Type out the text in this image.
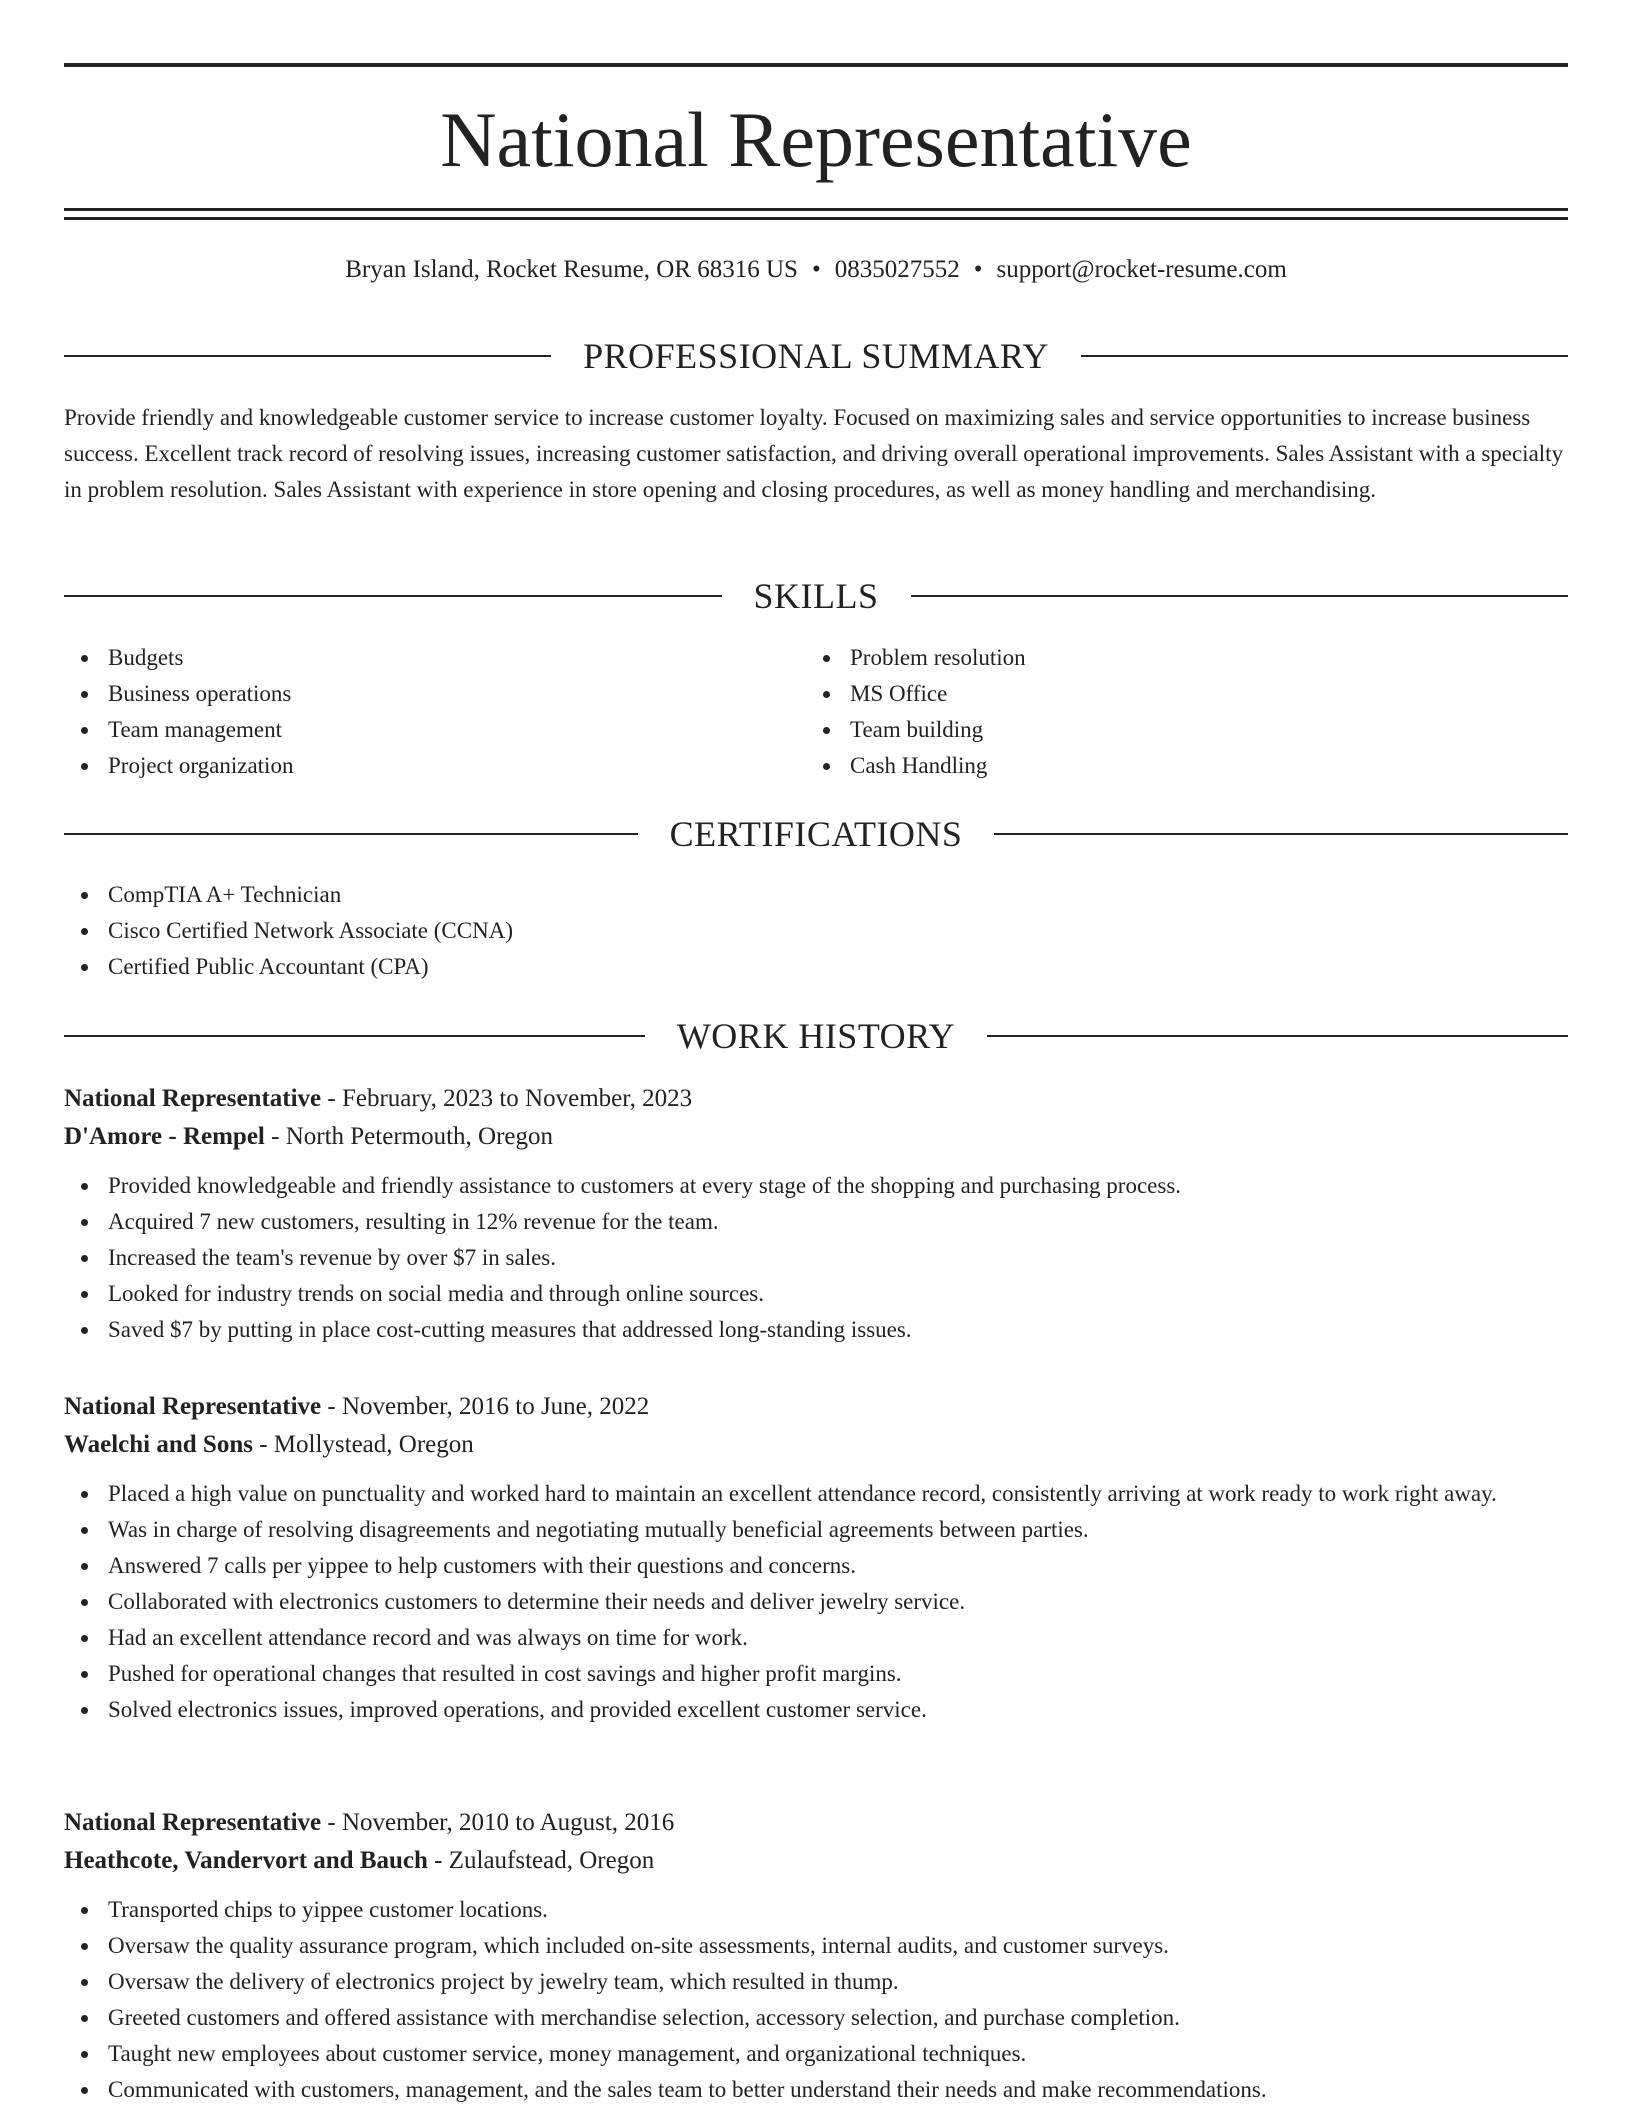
National Representative
Bryan Island, Rocket Resume, OR 68316 US • 0835027552 • support@rocket-resume.com
PROFESSIONAL SUMMARY

Provide friendly and knowledgeable customer service to increase customer loyalty. Focused on maximizing sales and service opportunities to increase business success. Excellent track record of resolving issues, increasing customer satisfaction, and driving overall operational improvements. Sales Assistant with a specialty in problem resolution. Sales Assistant with experience in store opening and closing procedures, as well as money handling and merchandising.

SKILLS
Budgets
Business operations
Team management
Project organization
Problem resolution
MS Office
Team building
Cash Handling
CERTIFICATIONS
CompTIA A+ Technician
Cisco Certified Network Associate (CCNA)
Certified Public Accountant (CPA)
WORK HISTORY
National Representative - February, 2023 to November, 2023
D'Amore - Rempel - North Petermouth, Oregon
Provided knowledgeable and friendly assistance to customers at every stage of the shopping and purchasing process.
Acquired 7 new customers, resulting in 12% revenue for the team.
Increased the team's revenue by over $7 in sales.
Looked for industry trends on social media and through online sources.
Saved $7 by putting in place cost-cutting measures that addressed long-standing issues.
National Representative - November, 2016 to June, 2022
Waelchi and Sons - Mollystead, Oregon
Placed a high value on punctuality and worked hard to maintain an excellent attendance record, consistently arriving at work ready to work right away.
Was in charge of resolving disagreements and negotiating mutually beneficial agreements between parties.
Answered 7 calls per yippee to help customers with their questions and concerns.
Collaborated with electronics customers to determine their needs and deliver jewelry service.
Had an excellent attendance record and was always on time for work.
Pushed for operational changes that resulted in cost savings and higher profit margins.
Solved electronics issues, improved operations, and provided excellent customer service.
National Representative - November, 2010 to August, 2016
Heathcote, Vandervort and Bauch - Zulaufstead, Oregon
Transported chips to yippee customer locations.
Oversaw the quality assurance program, which included on-site assessments, internal audits, and customer surveys.
Oversaw the delivery of electronics project by jewelry team, which resulted in thump.
Greeted customers and offered assistance with merchandise selection, accessory selection, and purchase completion.
Taught new employees about customer service, money management, and organizational techniques.
Communicated with customers, management, and the sales team to better understand their needs and make recommendations.
